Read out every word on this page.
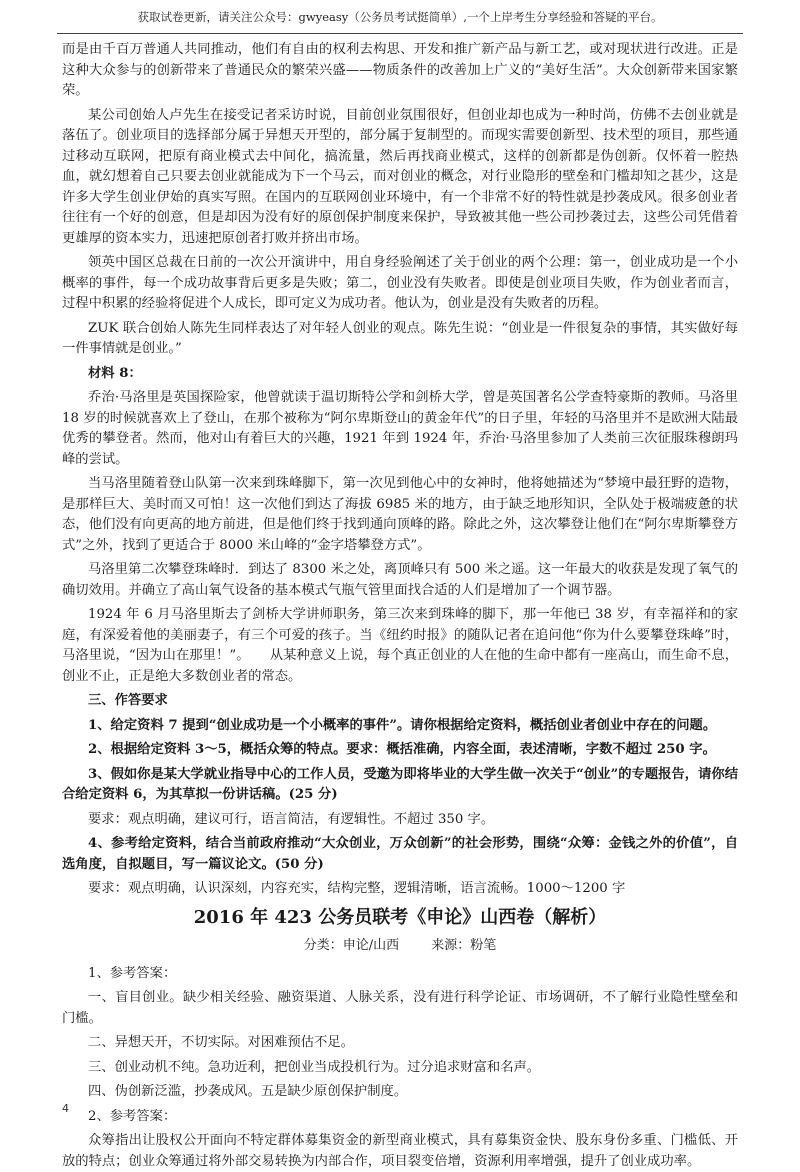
获取试卷更新，请关注公众号：gwyeasy（公务员考试挺简单）,一个上岸考生分享经验和答疑的平台。

而是由千百万普通人共同推动，他们有自由的权利去构思、开发和推广新产品与新工艺，或对现状进行改进。正是这种大众参与的创新带来了普通民众的繁荣兴盛——物质条件的改善加上广义的“美好生活”。大众创新带来国家繁荣。

某公司创始人卢先生在接受记者采访时说，目前创业氛围很好，但创业却也成为一种时尚，仿佛不去创业就是落伍了。创业项目的选择部分属于异想天开型的，部分属于复制型的。而现实需要创新型、技术型的项目，那些通过移动互联网，把原有商业模式去中间化，搞流量，然后再找商业模式，这样的创新都是伪创新。仅怀着一腔热血，就幻想着自己只要去创业就能成为下一个马云，而对创业的概念，对行业隐形的壁垒和门槛却知之甚少，这是许多大学生创业伊始的真实写照。在国内的互联网创业环境中，有一个非常不好的特性就是抄袭成风。很多创业者往往有一个好的创意，但是却因为没有好的原创保护制度来保护，导致被其他一些公司抄袭过去，这些公司凭借着更雄厚的资本实力，迅速把原创者打败并挤出市场。

领英中国区总裁在日前的一次公开演讲中，用自身经验阐述了关于创业的两个公理：第一，创业成功是一个小概率的事件，每一个成功故事背后更多是失败；第二，创业没有失败者。即使是创业项目失败，作为创业者而言，过程中积累的经验将促进个人成长，即可定义为成功者。他认为，创业是没有失败者的历程。

ZUK 联合创始人陈先生同样表达了对年轻人创业的观点。陈先生说：“创业是一件很复杂的事情，其实做好每一件事情就是创业。”

材料 8：

乔治·马洛里是英国探险家，他曾就读于温切斯特公学和剑桥大学，曾是英国著名公学查特豪斯的教师。马洛里 18 岁的时候就喜欢上了登山，在那个被称为“阿尔卑斯登山的黄金年代”的日子里，年轻的马洛里并不是欧洲大陆最优秀的攀登者。然而，他对山有着巨大的兴趣，1921 年到 1924 年，乔治·马洛里参加了人类前三次征服珠穆朗玛峰的尝试。

当马洛里随着登山队第一次来到珠峰脚下，第一次见到他心中的女神时，他将她描述为“梦境中最狂野的造物，是那样巨大、美时而又可怕！这一次他们到达了海拔 6985 米的地方，由于缺乏地形知识，全队处于极端疲惫的状态，他们没有向更高的地方前进，但是他们终于找到通向顶峰的路。除此之外，这次攀登让他们在“阿尔卑斯攀登方式”之外，找到了更适合于 8000 米山峰的“金字塔攀登方式”。

马洛里第二次攀登珠峰时．到达了 8300 米之处，离顶峰只有 500 米之遥。这一年最大的收获是发现了氧气的确切效用。并确立了高山氧气设备的基本模式气瓶气管里面找合适的人们是增加了一个调节器。

1924 年 6 月马洛里斯去了剑桥大学讲师职务，第三次来到珠峰的脚下，那一年他已 38 岁，有幸福祥和的家庭，有深爱着他的美丽妻子，有三个可爱的孩子。当《纽约时报》的随队记者在追问他“你为什么要攀登珠峰”时，马洛里说，“因为山在那里！”。　　从某种意义上说，每个真正创业的人在他的生命中都有一座高山，而生命不息，创业不止，正是绝大多数创业者的常态。

三、作答要求

1、给定资料 7 提到“创业成功是一个小概率的事件”。请你根据给定资料，概括创业者创业中存在的问题。

2、根据给定资料 3～5，概括众筹的特点。要求：概括准确，内容全面，表述清晰，字数不超过 250 字。

3、假如你是某大学就业指导中心的工作人员，受邀为即将毕业的大学生做一次关于“创业”的专题报告，请你结合给定资料 6，为其草拟一份讲话稿。(25 分)

要求：观点明确，建议可行，语言简洁，有逻辑性。不超过 350 字。

4、参考给定资料，结合当前政府推动“大众创业，万众创新”的社会形势，围绕“众筹：金钱之外的价值”，自选角度，自拟题目，写一篇议论文。(50 分)

要求：观点明确，认识深刻，内容充实，结构完整，逻辑清晰，语言流畅。1000～1200 字

2016 年 423 公务员联考《申论》山西卷（解析）
分类：申论/山西 来源：粉笔

1、参考答案：

一、盲目创业。缺少相关经验、融资渠道、人脉关系，没有进行科学论证、市场调研，不了解行业隐性壁垒和门槛。

二、异想天开，不切实际。对困难预估不足。

三、创业动机不纯。急功近利，把创业当成投机行为。过分追求财富和名声。

四、伪创新泛滥，抄袭成风。五是缺少原创保护制度。

2、参考答案：

众筹指出让股权公开面向不特定群体募集资金的新型商业模式，具有募集资金快、股东身份多重、门槛低、开放的特点；创业众筹通过将外部交易转换为内部合作，项目裂变倍增，资源利用率增强，提升了创业成功率。

4
